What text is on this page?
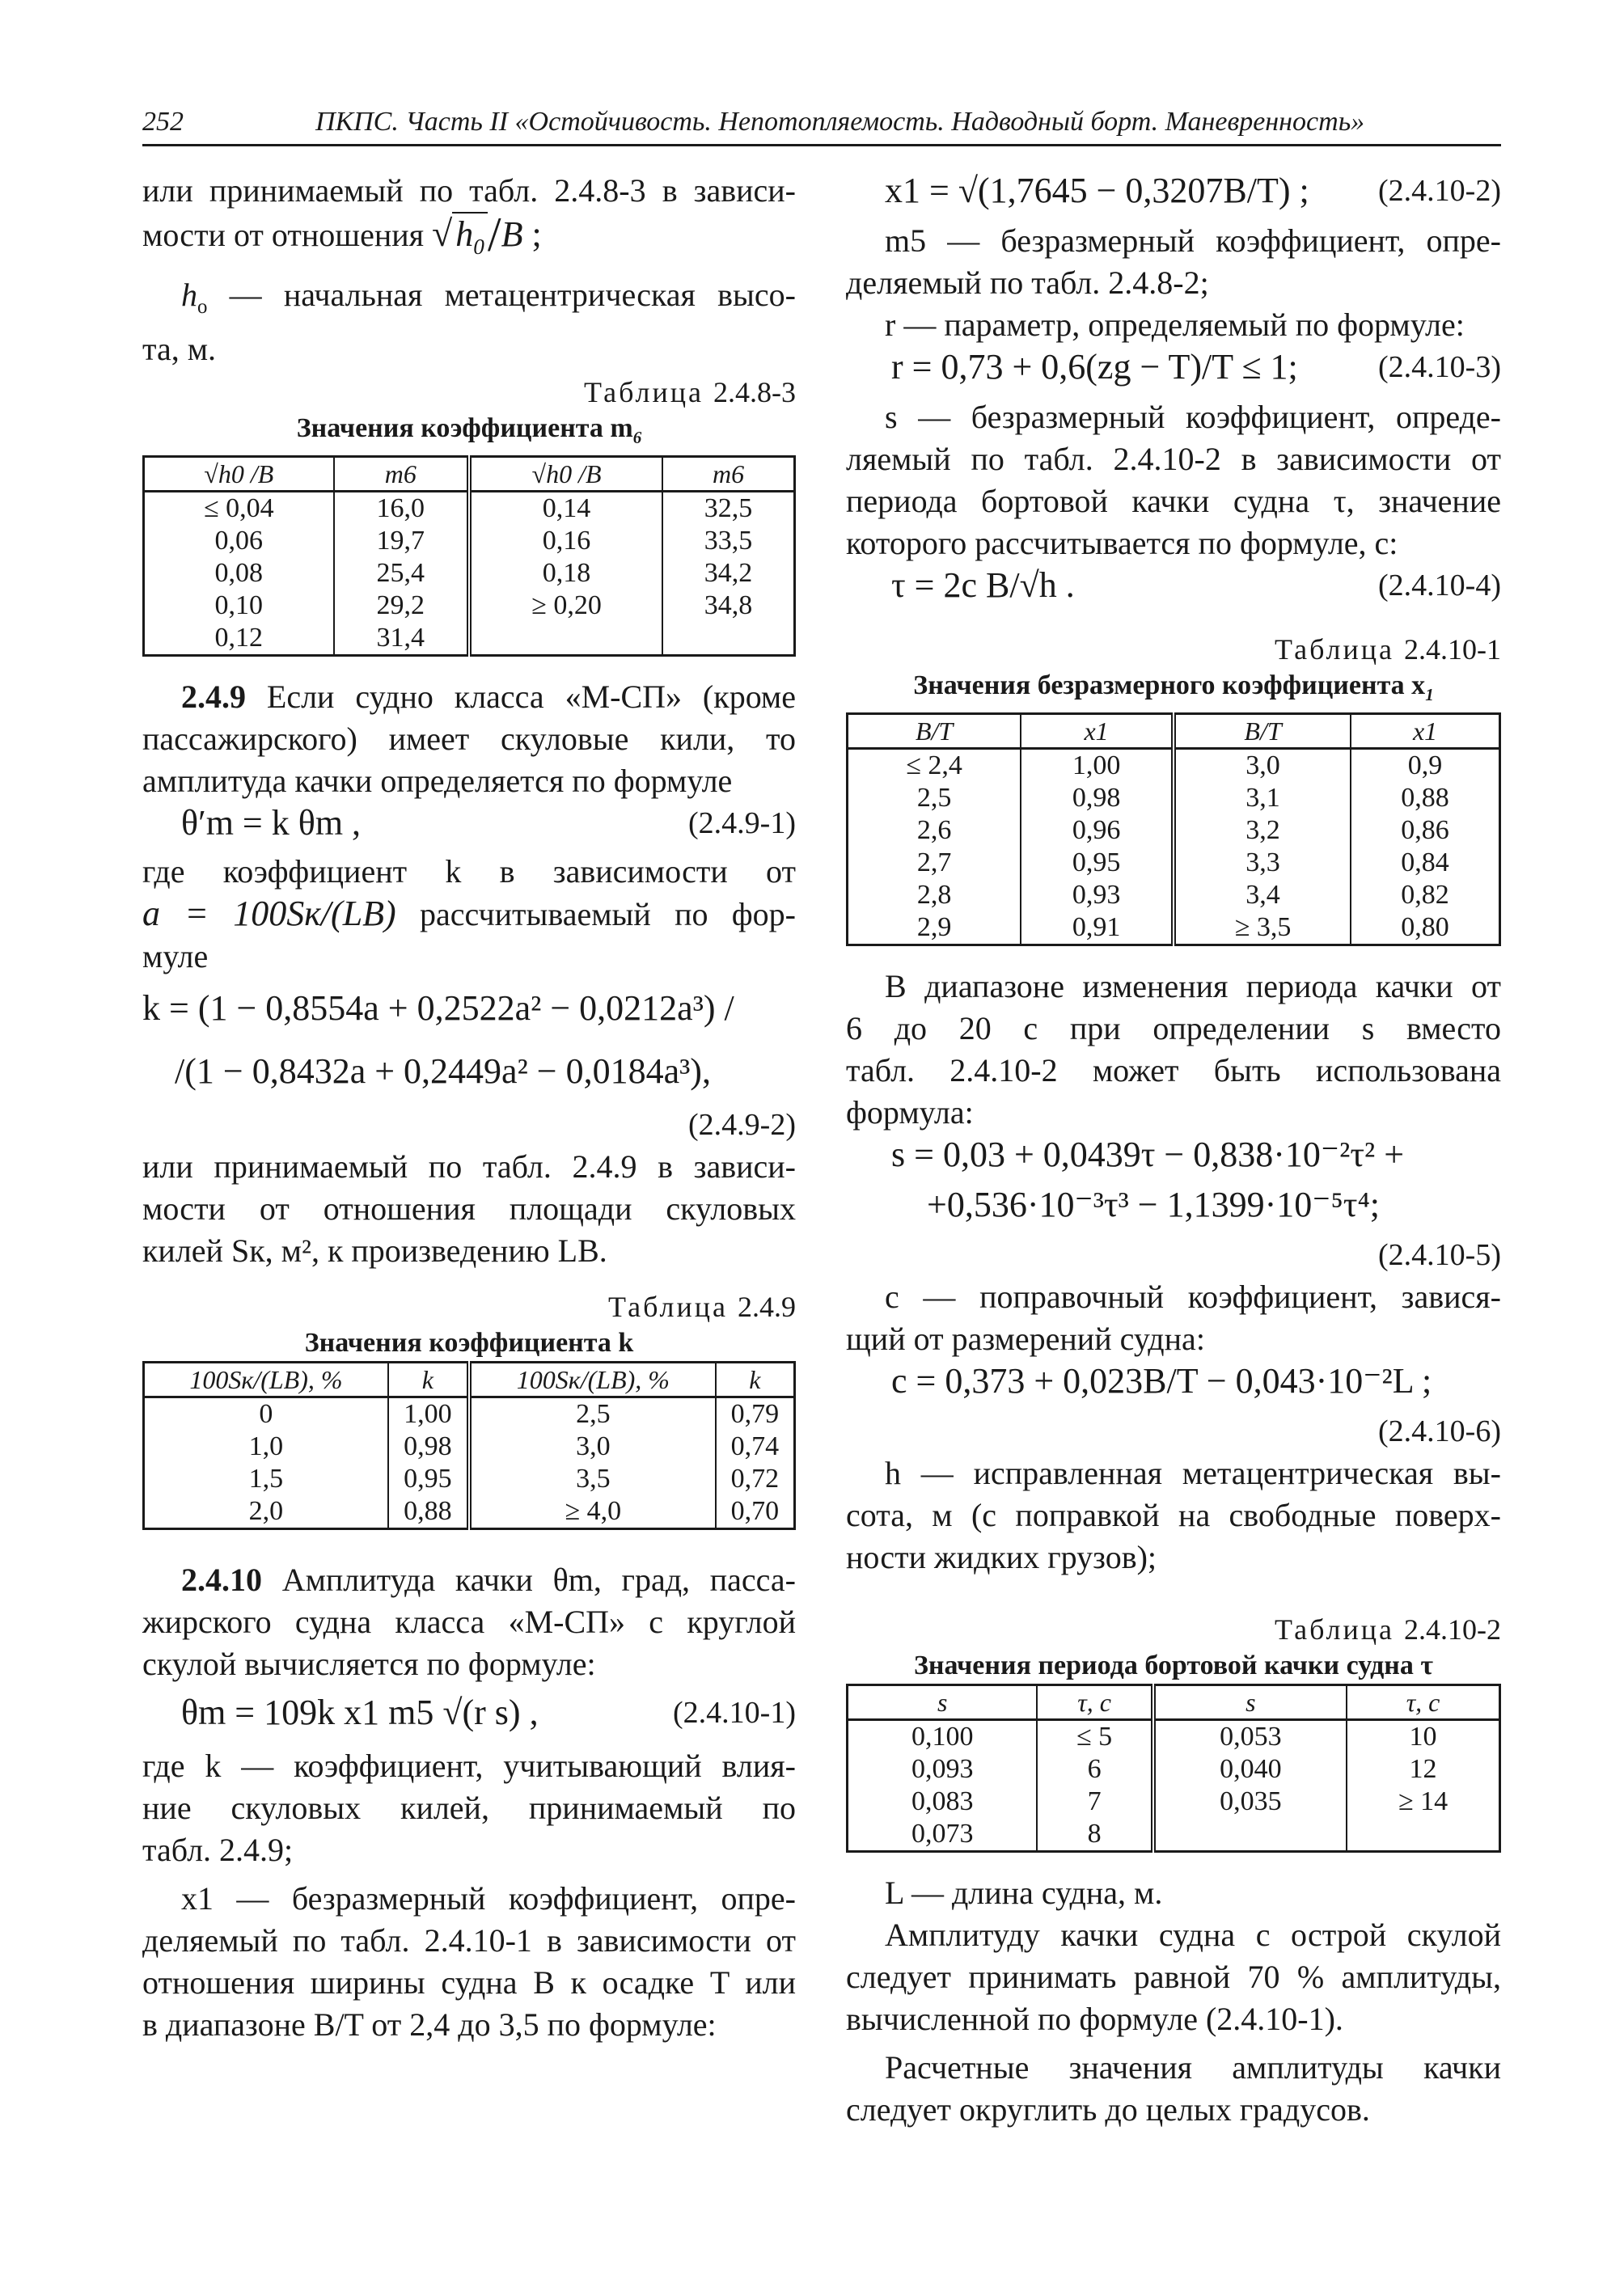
252	ПКПС. Часть II «Остойчивость. Непотопляемость. Надводный борт. Маневренность»

или принимаемый по табл. 2.4.8-3 в зависи-

мости от отношения $√h_0/B$ ;

$h_о$ — начальная метацентрическая высо-

та, м.

Таблица 2.4.8-3
Значения коэффициента $m_6$
√h0 /B	m6	√h0 /B	m6
≤ 0,04	16,0	0,14	32,5
0,06	19,7	0,16	33,5
0,08	25,4	0,18	34,2
0,10	29,2	≥ 0,20	34,8
0,12	31,4		

2.4.9 Если судно класса «М-СП» (кроме

пассажирского) имеет скуловые кили, то

амплитуда качки определяется по формуле

θ′m = k θm ,	(2.4.9-1)

где коэффициент k в зависимости от

a = 100Sк/(LB) рассчитываемый по фор-

муле

k = (1 − 0,8554a + 0,2522a² − 0,0212a³) /
/(1 − 0,8432a + 0,2449a² − 0,0184a³),
(2.4.9-2)

или принимаемый по табл. 2.4.9 в зависи-

мости от отношения площади скуловых

килей Sк, м², к произведению LB.

Таблица 2.4.9
Значения коэффициента k
100Sк/(LB), %	k	100Sк/(LB), %	k
0	1,00	2,5	0,79
1,0	0,98	3,0	0,74
1,5	0,95	3,5	0,72
2,0	0,88	≥ 4,0	0,70

2.4.10 Амплитуда качки θm, град, пасса-

жирского судна класса «М-СП» с круглой

скулой вычисляется по формуле:

θm = 109k x1 m5 √(r s) ,	(2.4.10-1)

где k — коэффициент, учитывающий влия-

ние скуловых килей, принимаемый по

табл. 2.4.9;

x1 — безразмерный коэффициент, опре-

деляемый по табл. 2.4.10-1 в зависимости от

отношения ширины судна B к осадке T или

в диапазоне B/T от 2,4 до 3,5 по формуле:

x1 = √(1,7645 − 0,3207B/T) ; (2.4.10-2)

m5 — безразмерный коэффициент, опре-

деляемый по табл. 2.4.8-2;

r — параметр, определяемый по формуле:

r = 0,73 + 0,6(zg − T)/T ≤ 1;	(2.4.10-3)

s — безразмерный коэффициент, опреде-

ляемый по табл. 2.4.10-2 в зависимости от

периода бортовой качки судна τ, значение

которого рассчитывается по формуле, с:

τ = 2c B/√h .	(2.4.10-4)
Таблица 2.4.10-1
Значения безразмерного коэффициента $x_1$
B/T	x1	B/T	x1
≤ 2,4	1,00	3,0	0,9
2,5	0,98	3,1	0,88
2,6	0,96	3,2	0,86
2,7	0,95	3,3	0,84
2,8	0,93	3,4	0,82
2,9	0,91	≥ 3,5	0,80

В диапазоне изменения периода качки от

6 до 20 с при определении s вместо

табл. 2.4.10-2 может быть использована

формула:

s = 0,03 + 0,0439τ − 0,838·10⁻²τ² +
+0,536·10⁻³τ³ − 1,1399·10⁻⁵τ⁴;
(2.4.10-5)

c — поправочный коэффициент, завися-

щий от размерений судна:

c = 0,373 + 0,023B/T − 0,043·10⁻²L ;
(2.4.10-6)

h — исправленная метацентрическая вы-

сота, м (с поправкой на свободные поверх-

ности жидких грузов);

Таблица 2.4.10-2
Значения периода бортовой качки судна τ
s	τ, с	s	τ, с
0,100	≤ 5	0,053	10
0,093	6	0,040	12
0,083	7	0,035	≥ 14
0,073	8		

L — длина судна, м.

Амплитуду качки судна с острой скулой

следует принимать равной 70 % амплитуды,

вычисленной по формуле (2.4.10-1).

Расчетные значения амплитуды качки

следует округлить до целых градусов.
